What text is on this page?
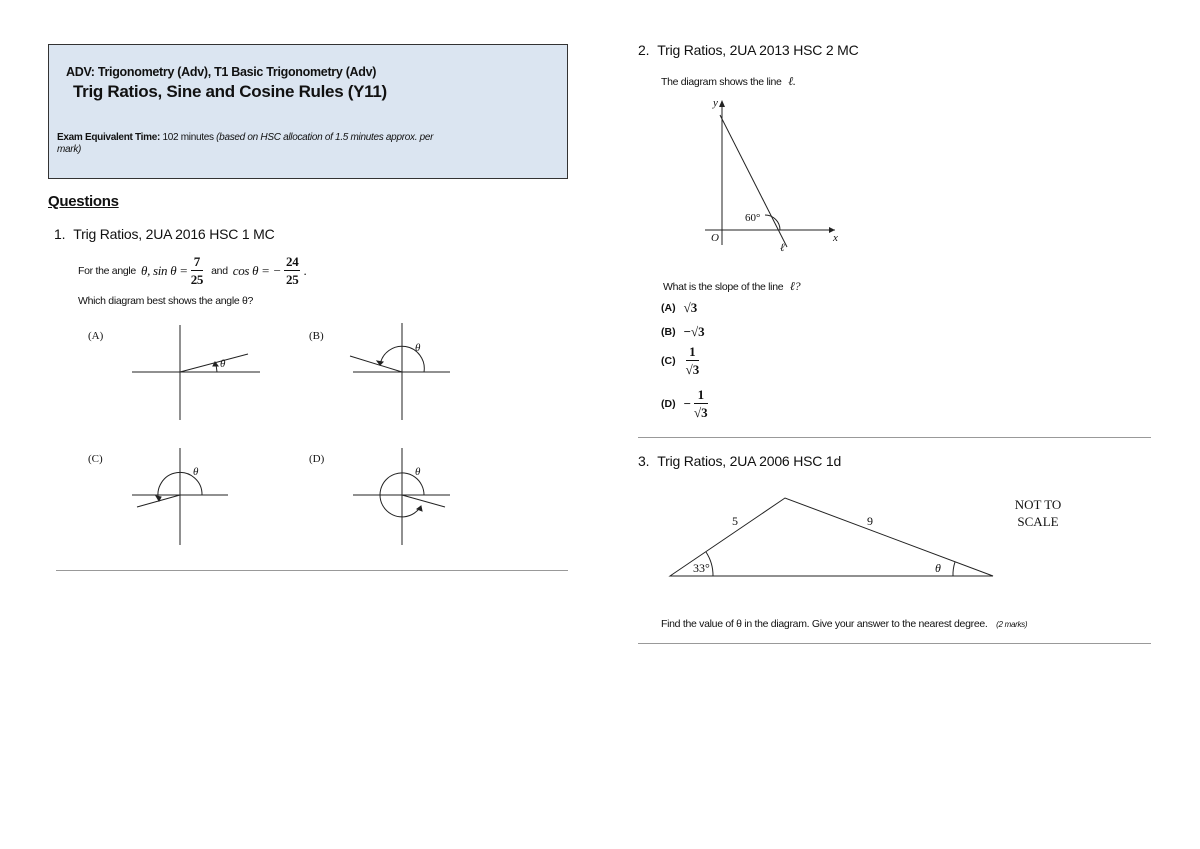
ADV: Trigonometry (Adv), T1 Basic Trigonometry (Adv)
Trig Ratios, Sine and Cosine Rules (Y11)
Exam Equivalent Time: 102 minutes (based on HSC allocation of 1.5 minutes approx. per mark)
Questions
1. Trig Ratios, 2UA 2016 HSC 1 MC
For the angle θ, $\sin \theta = \frac{7}{25}$ and cos θ = − $\frac{24}{25}$ .
Which diagram best shows the angle θ?
(A)	(B)
(C)	(D)
θ
θ
θ	θ
2. Trig Ratios, 2UA 2013 HSC 2 MC
The diagram shows the line ℓ.
y
x
O
60°
ℓ
What is the slope of the line ℓ?
(A) √3
(B) −√3
$(C) \frac{1}{√3}$
$(D) - \frac{1}{√3}$
3. Trig Ratios, 2UA 2006 HSC 1d
5	9
33°	θ
NOT TO
SCALE
Find the value of θ in the diagram. Give your answer to the nearest degree. (2 marks)
